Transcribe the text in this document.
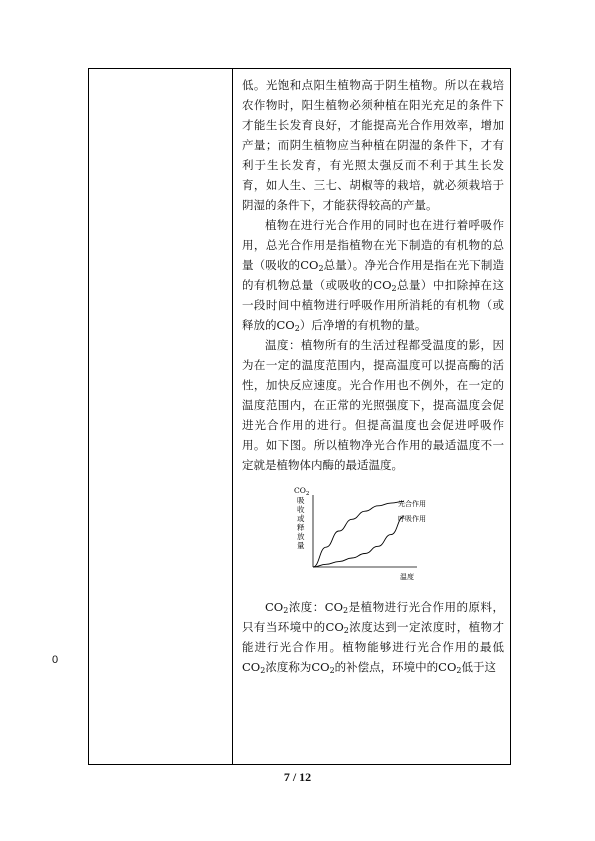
低。光饱和点阳生植物高于阴生植物。所以在栽培农作物时，阳生植物必须种植在阳光充足的条件下才能生长发育良好，才能提高光合作用效率，增加产量；而阴生植物应当种植在阴湿的条件下，才有利于生长发育，有光照太强反而不利于其生长发育，如人生、三七、胡椒等的栽培，就必须栽培于阴湿的条件下，才能获得较高的产量。

植物在进行光合作用的同时也在进行着呼吸作用，总光合作用是指植物在光下制造的有机物的总量（吸收的$CO_2$总量）。净光合作用是指在光下制造的有机物总量（或吸收的$CO_2$总量）中扣除掉在这一段时间中植物进行呼吸作用所消耗的有机物（或释放的$CO_2$）后净增的有机物的量。

温度：植物所有的生活过程都受温度的影，因为在一定的温度范围内，提高温度可以提高酶的活性，加快反应速度。光合作用也不例外，在一定的温度范围内，在正常的光照强度下，提高温度会促进光合作用的进行。但提高温度也会促进呼吸作用。如下图。所以植物净光合作用的最适温度不一定就是植物体内酶的最适温度。

$CO_2$
吸
收
或
释
放
量
光合作用
呼吸作用
温度

$CO_2$浓度：$CO_2$是植物进行光合作用的原料，只有当环境中的$CO_2$浓度达到一定浓度时，植物才能进行光合作用。植物能够进行光合作用的最低$CO_2$浓度称为$CO_2$的补偿点，环境中的$CO_2$低于这

0
7 / 12
